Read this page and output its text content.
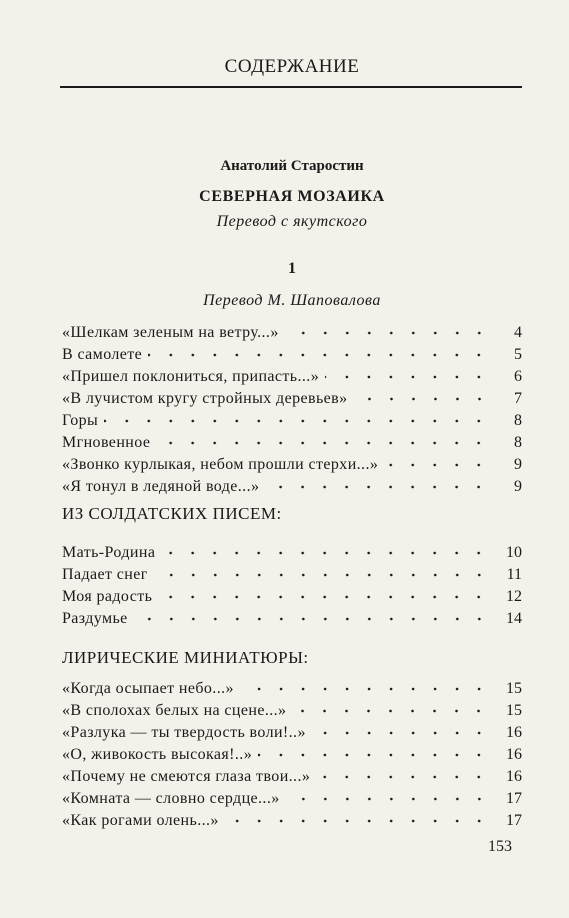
СОДЕРЖАНИЕ
Анатолий Старостин
СЕВЕРНАЯ МОЗАИКА
Перевод с якутского
1
Перевод М. Шаповалова
«Шелкам зеленым на ветру...»	4
В самолете	5
«Пришел поклониться, припасть...»	6
«В лучистом кругу стройных деревьев»	7
Горы	8
Мгновенное	8
«Звонко курлыкая, небом прошли стерхи...»	9
«Я тонул в ледяной воде...»	9
ИЗ СОЛДАТСКИХ ПИСЕМ:
Мать-Родина	10
Падает снег	11
Моя радость	12
Раздумье	14
ЛИРИЧЕСКИЕ МИНИАТЮРЫ:
«Когда осыпает небо...»	15
«В сполохах белых на сцене...»	15
«Разлука — ты твердость воли!..»	16
«О, живокость высокая!..»	16
«Почему не смеются глаза твои...»	16
«Комната — словно сердце...»	17
«Как рогами олень...»	17
153
